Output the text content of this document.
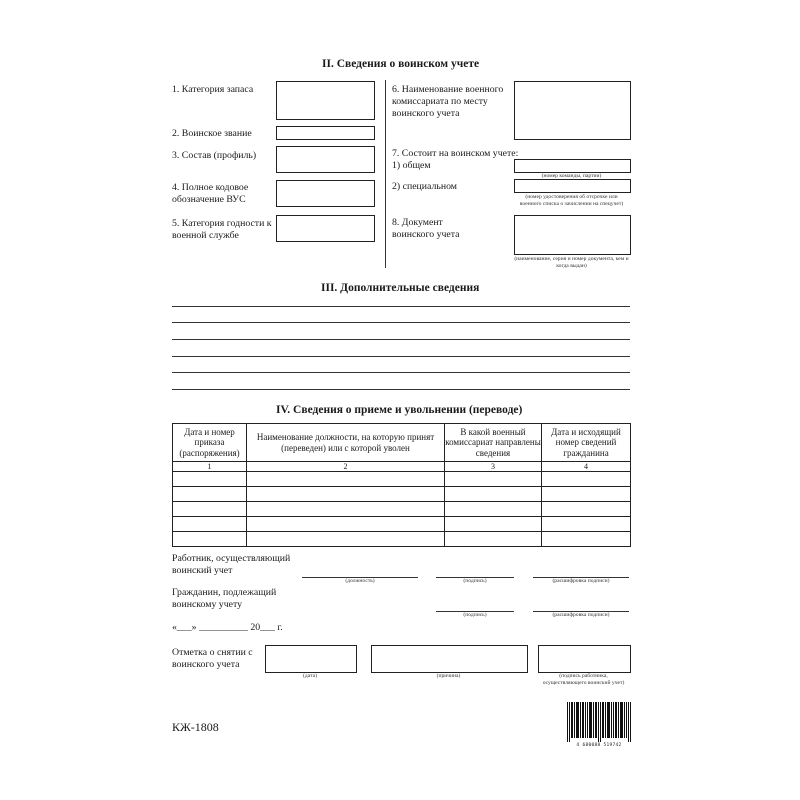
II. Сведения о воинском учете
1. Категория запаса
2. Воинское звание
3. Состав (профиль)
4. Полное кодовое обозначение ВУС
5. Категория годности к военной службе
6. Наименование военного комиссариата по месту воинского учета
7. Состоит на воинском учете:
1) общем
(номер команды, партии)
2) специальном
(номер удостоверения об отсрочке или военного списка о зачислении на спецучет)
8. Документ воинского учета
(наименование, серия и номер документа, кем и когда выдан)
III. Дополнительные сведения
IV. Сведения о приеме и увольнении (переводе)
Дата и номер приказа (распоряжения)	Наименование должности, на которую принят (переведен) или с которой уволен	В какой военный комиссариат направлены сведения	Дата и исходящий номер сведений гражданина
1	2	3	4

Работник, осуществляющий воинский учет
(должность)	(подпись)	(расшифровка подписи)
Гражданин, подлежащий воинскому учету
(подпись)	(расшифровка подписи)
«___» __________ 20___ г.
Отметка о снятии с воинского учета
(дата)	(причина)	(подпись работника, осуществляющего воинский учет)
КЖ-1808
4 680088 519742
